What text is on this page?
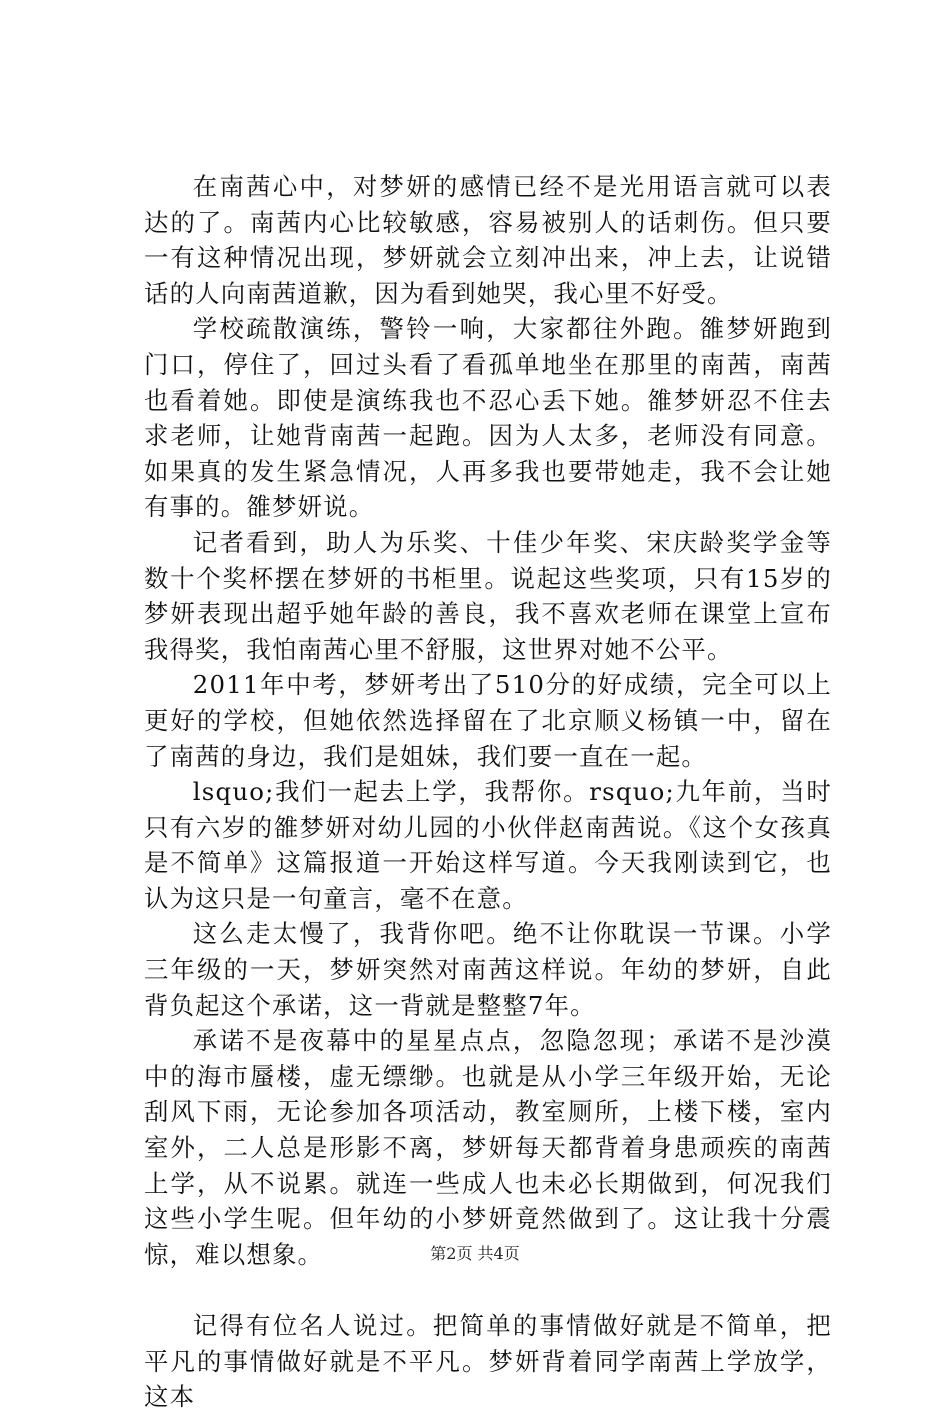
在南茜心中，对梦妍的感情已经不是光用语言就可以表达的了。南茜内心比较敏感，容易被别人的话刺伤。但只要一有这种情况出现，梦妍就会立刻冲出来，冲上去，让说错话的人向南茜道歉，因为看到她哭，我心里不好受。

学校疏散演练，警铃一响，大家都往外跑。雒梦妍跑到门口，停住了，回过头看了看孤单地坐在那里的南茜，南茜也看着她。即使是演练我也不忍心丢下她。雒梦妍忍不住去求老师，让她背南茜一起跑。因为人太多，老师没有同意。如果真的发生紧急情况，人再多我也要带她走，我不会让她有事的。雒梦妍说。

记者看到，助人为乐奖、十佳少年奖、宋庆龄奖学金等数十个奖杯摆在梦妍的书柜里。说起这些奖项，只有15岁的梦妍表现出超乎她年龄的善良，我不喜欢老师在课堂上宣布我得奖，我怕南茜心里不舒服，这世界对她不公平。

2011年中考，梦妍考出了510分的好成绩，完全可以上更好的学校，但她依然选择留在了北京顺义杨镇一中，留在了南茜的身边，我们是姐妹，我们要一直在一起。

lsquo;我们一起去上学，我帮你。rsquo;九年前，当时只有六岁的雒梦妍对幼儿园的小伙伴赵南茜说。《这个女孩真是不简单》这篇报道一开始这样写道。今天我刚读到它，也认为这只是一句童言，毫不在意。

这么走太慢了，我背你吧。绝不让你耽误一节课。小学三年级的一天，梦妍突然对南茜这样说。年幼的梦妍，自此背负起这个承诺，这一背就是整整7年。

承诺不是夜幕中的星星点点，忽隐忽现；承诺不是沙漠中的海市蜃楼，虚无缥缈。也就是从小学三年级开始，无论刮风下雨，无论参加各项活动，教室厕所，上楼下楼，室内室外，二人总是形影不离，梦妍每天都背着身患顽疾的南茜上学，从不说累。就连一些成人也未必长期做到，何况我们这些小学生呢。但年幼的小梦妍竟然做到了。这让我十分震惊，难以想象。

记得有位名人说过。把简单的事情做好就是不简单，把平凡的事情做好就是不平凡。梦妍背着同学南茜上学放学，这本

第2页 共4页
